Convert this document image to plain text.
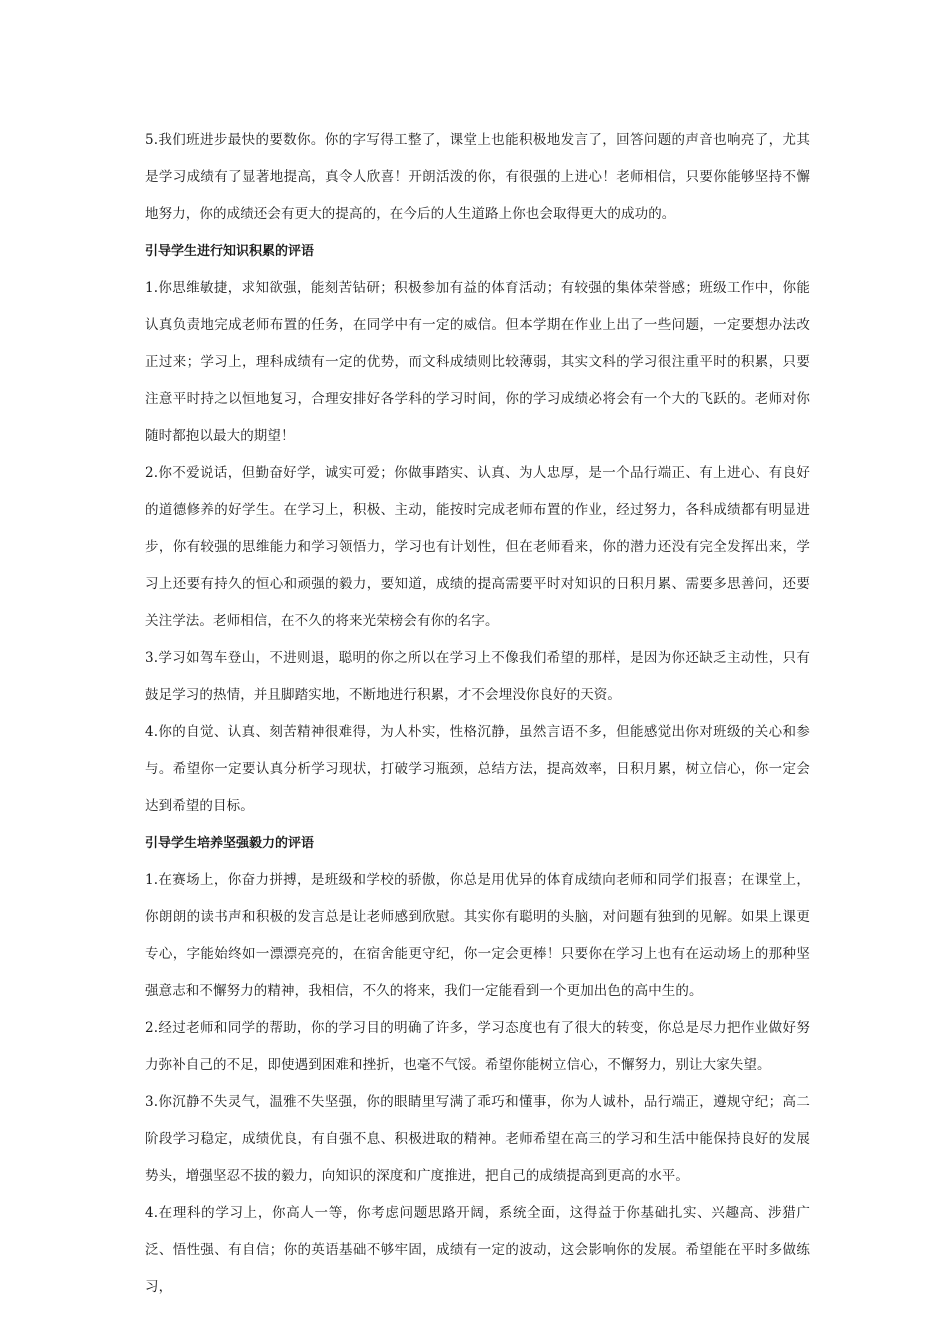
5.我们班进步最快的要数你。你的字写得工整了，课堂上也能积极地发言了，回答问题的声音也响亮了，尤其是学习成绩有了显著地提高，真令人欣喜！开朗活泼的你，有很强的上进心！老师相信，只要你能够坚持不懈地努力，你的成绩还会有更大的提高的，在今后的人生道路上你也会取得更大的成功的。

引导学生进行知识积累的评语

1.你思维敏捷，求知欲强，能刻苦钻研；积极参加有益的体育活动；有较强的集体荣誉感；班级工作中，你能认真负责地完成老师布置的任务，在同学中有一定的威信。但本学期在作业上出了一些问题，一定要想办法改正过来；学习上，理科成绩有一定的优势，而文科成绩则比较薄弱，其实文科的学习很注重平时的积累，只要注意平时持之以恒地复习，合理安排好各学科的学习时间，你的学习成绩必将会有一个大的飞跃的。老师对你随时都抱以最大的期望！

2.你不爱说话，但勤奋好学，诚实可爱；你做事踏实、认真、为人忠厚，是一个品行端正、有上进心、有良好的道德修养的好学生。在学习上，积极、主动，能按时完成老师布置的作业，经过努力，各科成绩都有明显进步，你有较强的思维能力和学习领悟力，学习也有计划性，但在老师看来，你的潜力还没有完全发挥出来，学习上还要有持久的恒心和顽强的毅力，要知道，成绩的提高需要平时对知识的日积月累、需要多思善问，还要关注学法。老师相信，在不久的将来光荣榜会有你的名字。

3.学习如驾车登山，不进则退，聪明的你之所以在学习上不像我们希望的那样，是因为你还缺乏主动性，只有鼓足学习的热情，并且脚踏实地，不断地进行积累，才不会埋没你良好的天资。

4.你的自觉、认真、刻苦精神很难得，为人朴实，性格沉静，虽然言语不多，但能感觉出你对班级的关心和参与。希望你一定要认真分析学习现状，打破学习瓶颈，总结方法，提高效率，日积月累，树立信心，你一定会达到希望的目标。

引导学生培养坚强毅力的评语

1.在赛场上，你奋力拼搏，是班级和学校的骄傲，你总是用优异的体育成绩向老师和同学们报喜；在课堂上，你朗朗的读书声和积极的发言总是让老师感到欣慰。其实你有聪明的头脑，对问题有独到的见解。如果上课更专心，字能始终如一漂漂亮亮的，在宿舍能更守纪，你一定会更棒！只要你在学习上也有在运动场上的那种坚强意志和不懈努力的精神，我相信，不久的将来，我们一定能看到一个更加出色的高中生的。

2.经过老师和同学的帮助，你的学习目的明确了许多，学习态度也有了很大的转变，你总是尽力把作业做好努力弥补自己的不足，即使遇到困难和挫折，也毫不气馁。希望你能树立信心，不懈努力，别让大家失望。

3.你沉静不失灵气，温雅不失坚强，你的眼睛里写满了乖巧和懂事，你为人诚朴，品行端正，遵规守纪；高二阶段学习稳定，成绩优良，有自强不息、积极进取的精神。老师希望在高三的学习和生活中能保持良好的发展势头，增强坚忍不拔的毅力，向知识的深度和广度推进，把自己的成绩提高到更高的水平。

4.在理科的学习上，你高人一等，你考虑问题思路开阔，系统全面，这得益于你基础扎实、兴趣高、涉猎广泛、悟性强、有自信；你的英语基础不够牢固，成绩有一定的波动，这会影响你的发展。希望能在平时多做练习，
